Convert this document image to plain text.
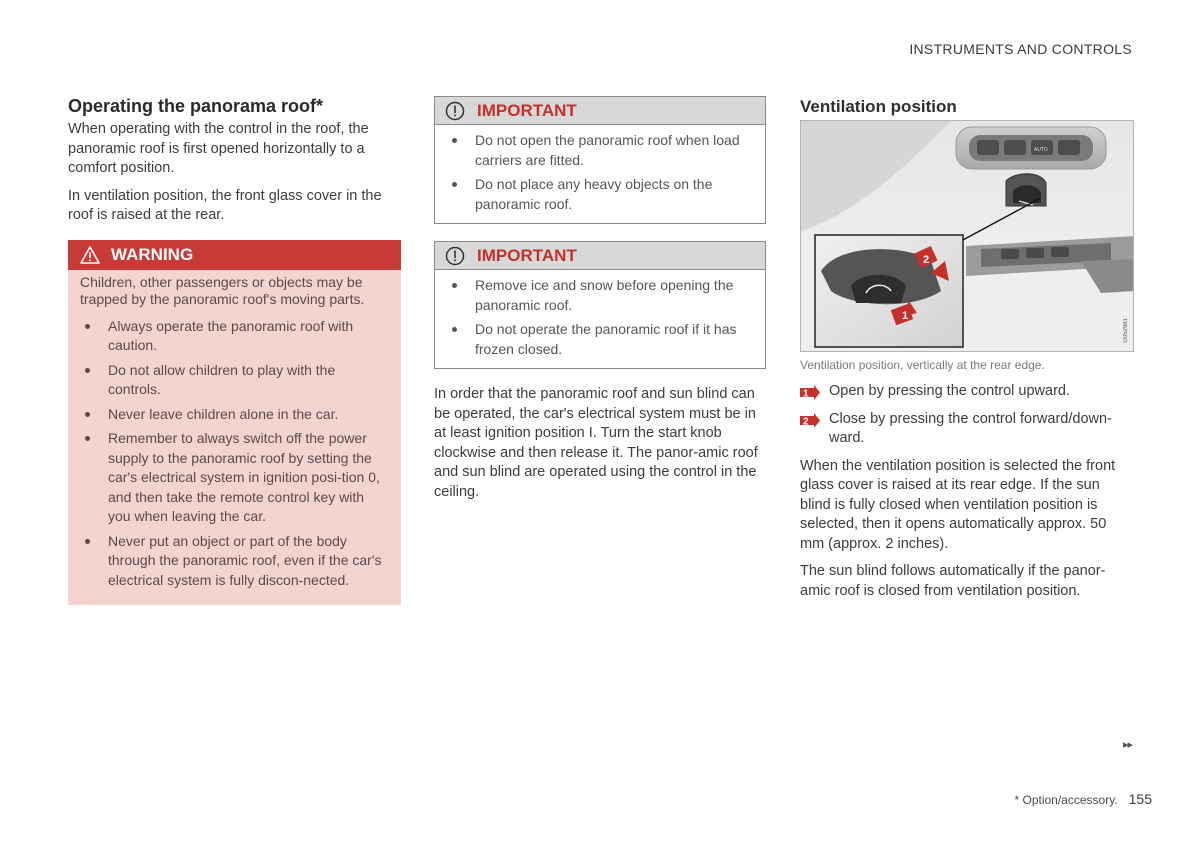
INSTRUMENTS AND CONTROLS
Operating the panorama roof*

When operating with the control in the roof, the panoramic roof is first opened horizontally to a comfort position.

In ventilation position, the front glass cover in the roof is raised at the rear.

WARNING

Children, other passengers or objects may be trapped by the panoramic roof's moving parts.

Always operate the panoramic roof with caution.
Do not allow children to play with the controls.
Never leave children alone in the car.
Remember to always switch off the power supply to the panoramic roof by setting the car's electrical system in ignition posi-tion 0, and then take the remote control key with you when leaving the car.
Never put an object or part of the body through the panoramic roof, even if the car's electrical system is fully discon-nected.
IMPORTANT
Do not open the panoramic roof when load carriers are fitted.
Do not place any heavy objects on the panoramic roof.
IMPORTANT
Remove ice and snow before opening the panoramic roof.
Do not operate the panoramic roof if it has frozen closed.

In order that the panoramic roof and sun blind can be operated, the car's electrical system must be in at least ignition position I. Turn the start knob clockwise and then release it. The panor-amic roof and sun blind are operated using the control in the ceiling.

Ventilation position
AUTO
1
2
G052981
Ventilation position, vertically at the rear edge.
1 Open by pressing the control upward.
2 Close by pressing the control forward/down-ward.

When the ventilation position is selected the front glass cover is raised at its rear edge. If the sun blind is fully closed when ventilation position is selected, then it opens automatically approx. 50 mm (approx. 2 inches).

The sun blind follows automatically if the panor-amic roof is closed from ventilation position.

▸▸
* Option/accessory. 155
